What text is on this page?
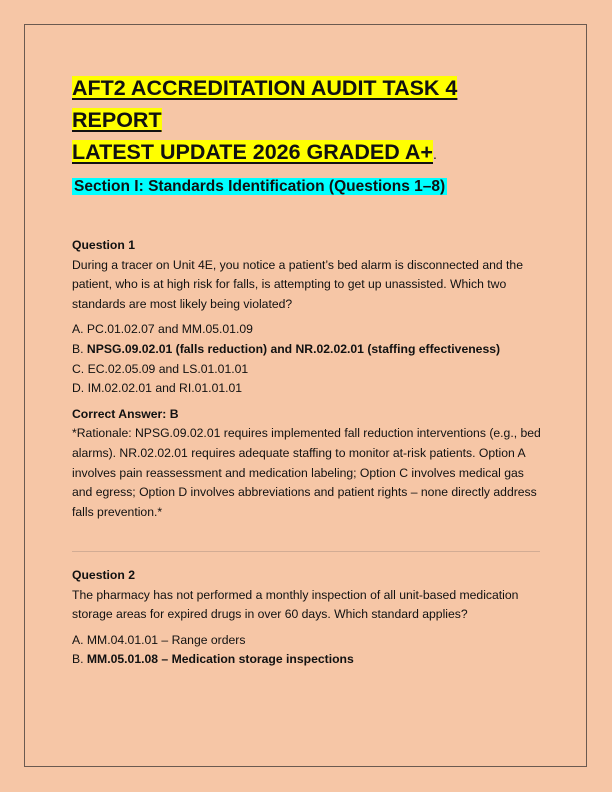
AFT2 ACCREDITATION AUDIT TASK 4 REPORT
LATEST UPDATE 2026 GRADED A+.
Section I: Standards Identification (Questions 1–8)

Question 1

During a tracer on Unit 4E, you notice a patient’s bed alarm is disconnected and the patient, who is at high risk for falls, is attempting to get up unassisted. Which two standards are most likely being violated?

A. PC.01.02.07 and MM.05.01.09

B. NPSG.09.02.01 (falls reduction) and NR.02.02.01 (staffing effectiveness)

C. EC.02.05.09 and LS.01.01.01

D. IM.02.02.01 and RI.01.01.01

Correct Answer: B

*Rationale: NPSG.09.02.01 requires implemented fall reduction interventions (e.g., bed alarms). NR.02.02.01 requires adequate staffing to monitor at-risk patients. Option A involves pain reassessment and medication labeling; Option C involves medical gas and egress; Option D involves abbreviations and patient rights – none directly address falls prevention.*

Question 2

The pharmacy has not performed a monthly inspection of all unit-based medication storage areas for expired drugs in over 60 days. Which standard applies?

A. MM.04.01.01 – Range orders

B. MM.05.01.08 – Medication storage inspections
